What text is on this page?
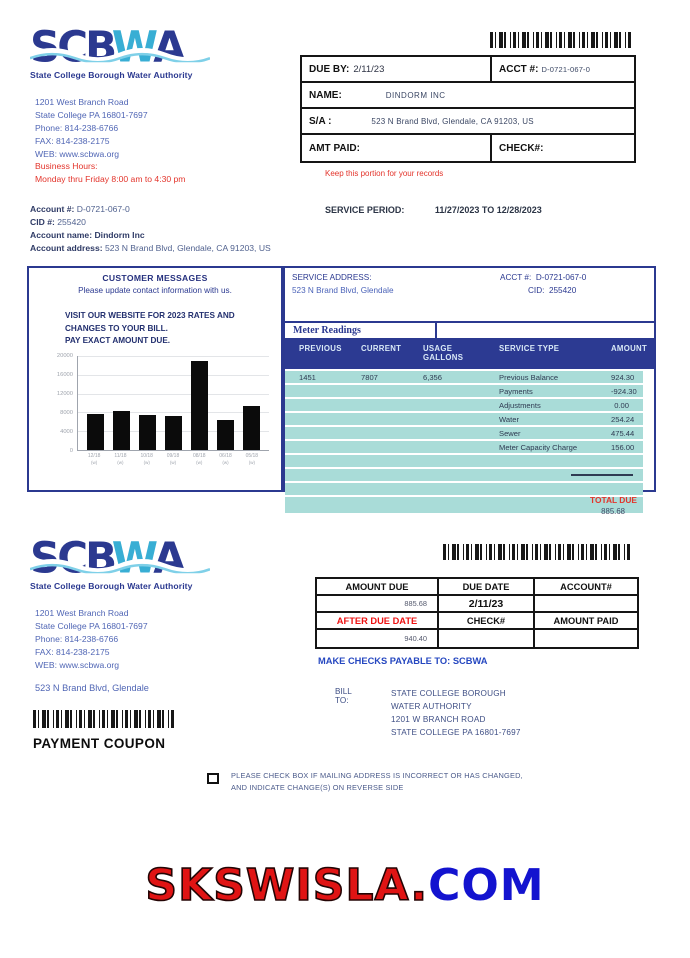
SCBWA
State College Borough Water Authority
1201 West Branch Road
State College PA 16801-7697
Phone: 814-238-6766
FAX: 814-238-2175
WEB: www.scbwa.org
Business Hours:
Monday thru Friday 8:00 am to 4:30 pm
DUE BY: 2/11/23	ACCT #: D-0721-067-0
NAME:	DINDORM INC
S/A :	523 N Brand Blvd, Glendale, CA 91203, US
AMT PAID:	CHECK#:
Keep this portion for your records
Account #: D-0721-067-0
CID #: 255420
Account name: Dindorm Inc
Account address: 523 N Brand Blvd, Glendale, CA 91203, US
SERVICE PERIOD:	11/27/2023 TO 12/28/2023
CUSTOMER MESSAGES
Please update contact information with us.
VISIT OUR WEBSITE FOR 2023 RATES AND
CHANGES TO YOUR BILL.
PAY EXACT AMOUNT DUE.
20000
16000
12000
8000
4000
0
12/18
(w)
11/18
(w)
10/18
(w)
09/18
(w)
08/18
(w)
06/18
(w)
05/18
(w)
SERVICE ADDRESS:
523 N Brand Blvd, Glendale
ACCT #: D-0721-067-0
CID: 255420
Meter Readings
PREVIOUS	CURRENT	USAGE
GALLONS
SERVICE TYPE	AMOUNT
1451	7807	6,356	Previous Balance	924.30
Payments	-924.30
Adjustments	0.00
Water	254.24
Sewer	475.44
Meter Capacity Charge	156.00
TOTAL DUE
885.68
SCBWA
State College Borough Water Authority
1201 West Branch Road
State College PA 16801-7697
Phone: 814-238-6766
FAX: 814-238-2175
WEB: www.scbwa.org
523 N Brand Blvd, Glendale
PAYMENT COUPON
AMOUNT DUE	DUE DATE	ACCOUNT#
885.68	2/11/23
AFTER DUE DATE	CHECK#	AMOUNT PAID
940.40
MAKE CHECKS PAYABLE TO: SCBWA
BILL TO:
STATE COLLEGE BOROUGH
WATER AUTHORITY
1201 W BRANCH ROAD
STATE COLLEGE PA 16801-7697
PLEASE CHECK BOX IF MAILING ADDRESS IS INCORRECT OR HAS CHANGED,
AND INDICATE CHANGE(S) ON REVERSE SIDE
SKSWISLA.COM
